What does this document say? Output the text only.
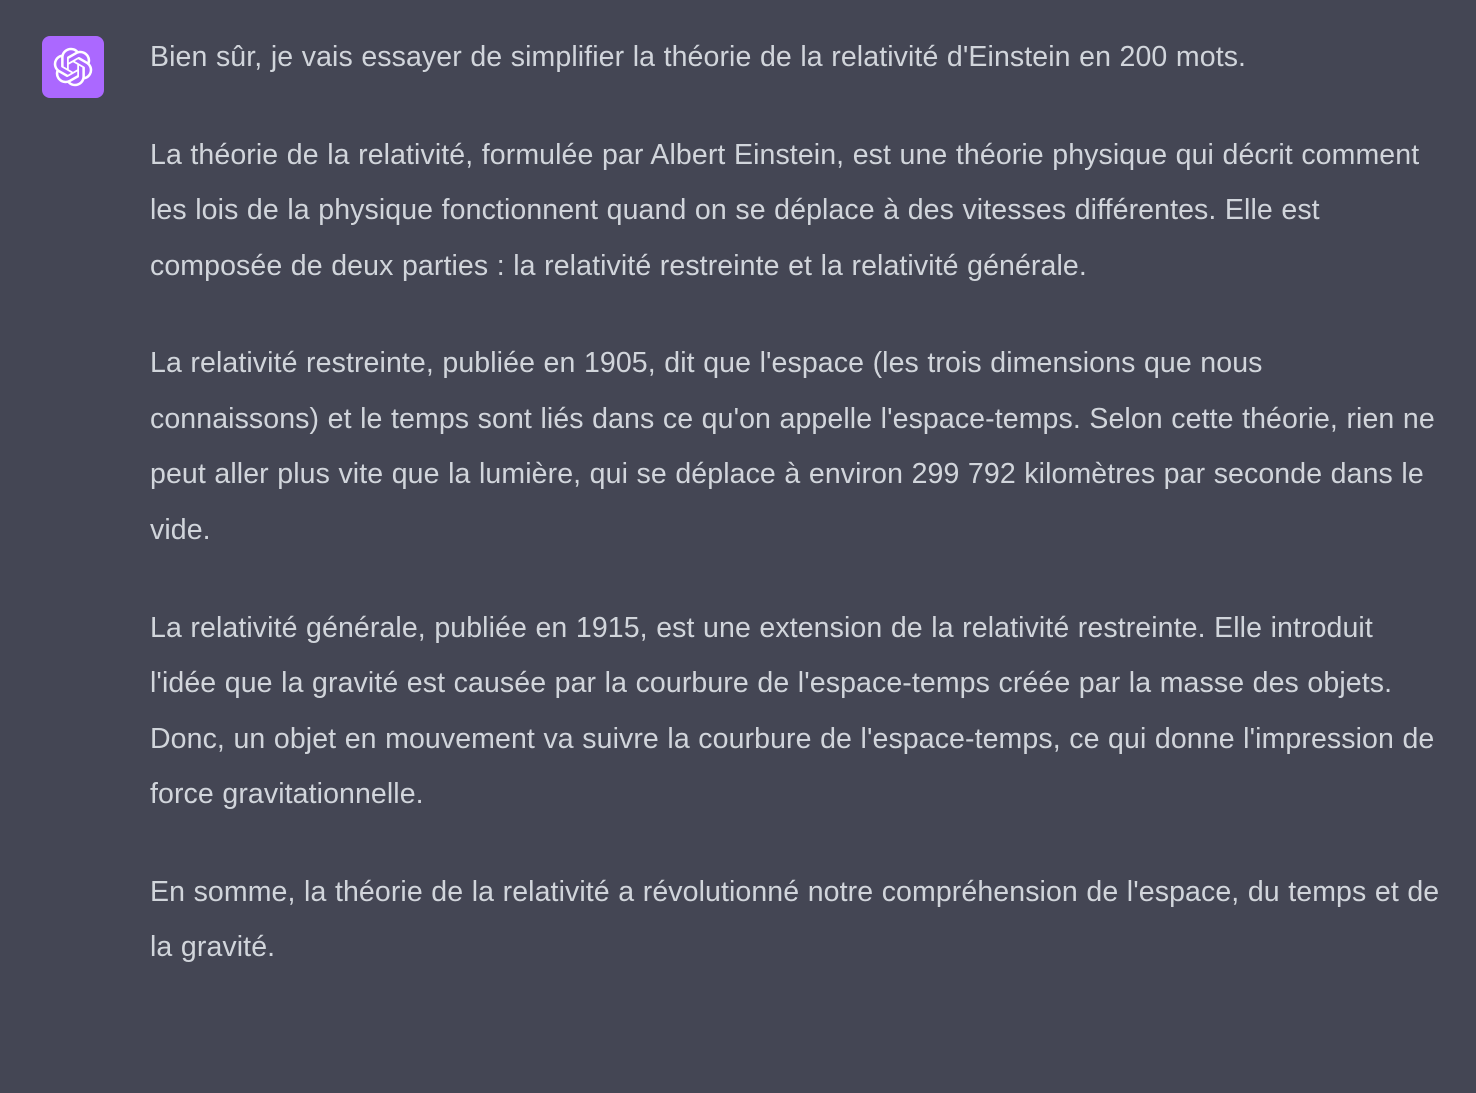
Bien sûr, je vais essayer de simplifier la théorie de la relativité d'Einstein en 200 mots.

La théorie de la relativité, formulée par Albert Einstein, est une théorie physique qui décrit comment les lois de la physique fonctionnent quand on se déplace à des vitesses différentes. Elle est composée de deux parties : la relativité restreinte et la relativité générale.

La relativité restreinte, publiée en 1905, dit que l'espace (les trois dimensions que nous connaissons) et le temps sont liés dans ce qu'on appelle l'espace-temps. Selon cette théorie, rien ne peut aller plus vite que la lumière, qui se déplace à environ 299 792 kilomètres par seconde dans le vide.

La relativité générale, publiée en 1915, est une extension de la relativité restreinte. Elle introduit l'idée que la gravité est causée par la courbure de l'espace-temps créée par la masse des objets. Donc, un objet en mouvement va suivre la courbure de l'espace-temps, ce qui donne l'impression de force gravitationnelle.

En somme, la théorie de la relativité a révolutionné notre compréhension de l'espace, du temps et de la gravité.
